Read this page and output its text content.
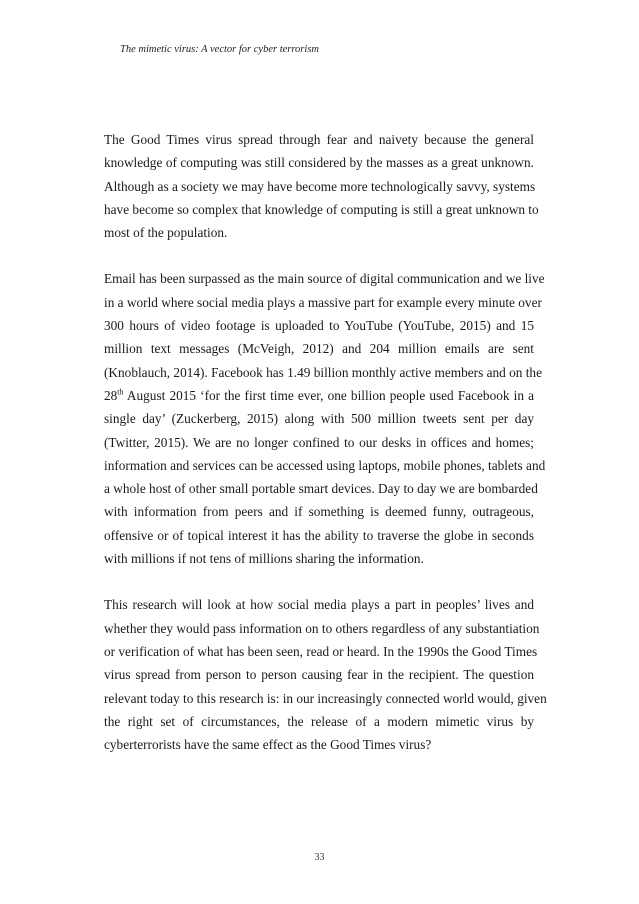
The mimetic virus: A vector for cyber terrorism

The Good Times virus spread through fear and naivety because the general
knowledge of computing was still considered by the masses as a great unknown.
Although as a society we may have become more technologically savvy, systems
have become so complex that knowledge of computing is still a great unknown to
most of the population.

Email has been surpassed as the main source of digital communication and we live
in a world where social media plays a massive part for example every minute over
300 hours of video footage is uploaded to YouTube (YouTube, 2015) and 15
million text messages (McVeigh, 2012) and 204 million emails are sent
(Knoblauch, 2014). Facebook has 1.49 billion monthly active members and on the
28th August 2015 ‘for the first time ever, one billion people used Facebook in a
single day’ (Zuckerberg, 2015) along with 500 million tweets sent per day
(Twitter, 2015). We are no longer confined to our desks in offices and homes;
information and services can be accessed using laptops, mobile phones, tablets and
a whole host of other small portable smart devices. Day to day we are bombarded
with information from peers and if something is deemed funny, outrageous,
offensive or of topical interest it has the ability to traverse the globe in seconds
with millions if not tens of millions sharing the information.

This research will look at how social media plays a part in peoples’ lives and
whether they would pass information on to others regardless of any substantiation
or verification of what has been seen, read or heard. In the 1990s the Good Times
virus spread from person to person causing fear in the recipient. The question
relevant today to this research is: in our increasingly connected world would, given
the right set of circumstances, the release of a modern mimetic virus by
cyberterrorists have the same effect as the Good Times virus?

33
